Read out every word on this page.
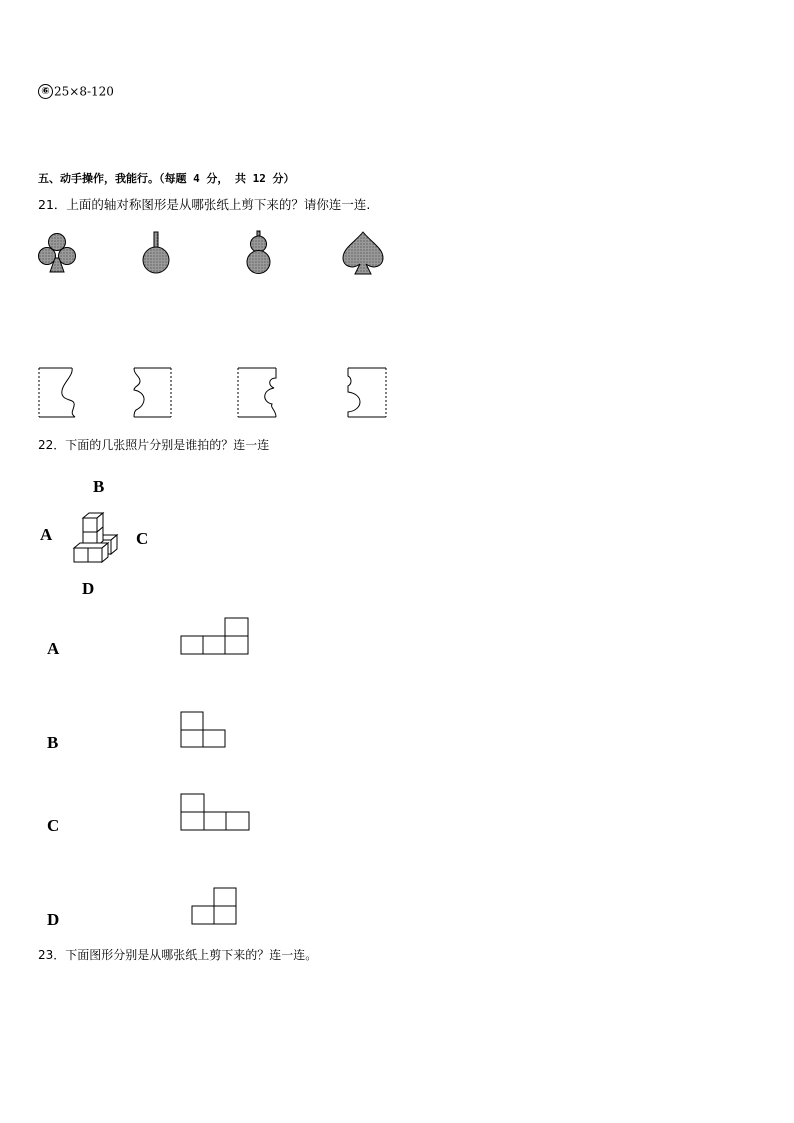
⑥ 25×8-120
五、动手操作，我能行。（每题 4 分， 共 12 分）
21．上面的轴对称图形是从哪张纸上剪下来的？请你连一连.
22．下面的几张照片分别是谁拍的？连一连
B
A	C
D
A
B
C
D
23．下面图形分别是从哪张纸上剪下来的？连一连。
